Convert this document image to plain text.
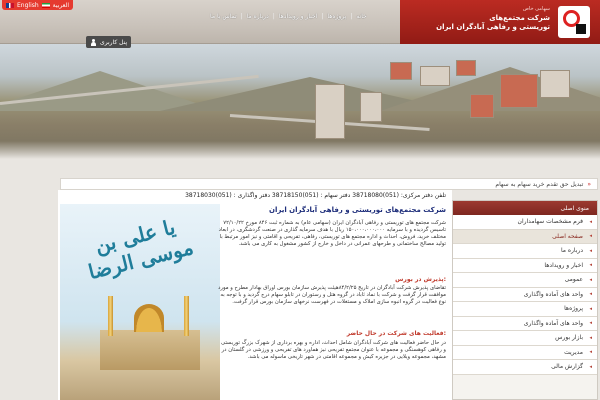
English العربية
خانه
|
پروژه‌ها
|
اخبار و رویدادها
|
درباره ما
|
تماس با ما
سهامی خاص
شرکت مجتمع‌های
توریستی و رفاهی آبادگران ایران
پنل کاربری
تبدیل حق تقدم خرید سهام به سهام »
تلفن دفتر مرکزی: (051)38718080 دفتر سهام : (051)38718150 دفتر واگذاری : (051)38718030
شرکت مجتمع‌های توریستی و رفاهی آبادگران ایران
یا علی بن موسی الرضا
شرکت مجتمع های توریستی و رفاهی آبادگران ایران (سهامی عام) به شماره ثبت ۸۴۶ مورخ ۷۲/۱۰/۲۲ تاسیس گردیده و با سرمایه ۱۵۰،۰۰۰،۰۰۰،۰۰۰ ریال با هدف سرمایه گذاری در صنعت گردشگری، در ابعاد مختلف خرید، فروش، احداث و اداره مجتمع های توریستی، رفاهی، تفریحی و اقامتی و نیز امور مرتبط با تولید مصالح ساختمانی و طرحهای عمرانی در داخل و خارج از کشور مشغول به کاری می باشد.
پذیرش در بورس:
تقاضای پذیرش شرکت آبادگران در تاریخ ۸۴/۲/۲۵هیئت پذیرش سازمان بورس اوراق بهادار مطرح و مورد موافقت قرار گرفت و شرکت با نماد ثاباد در گروه هتل و رستوران در تابلو سهام درج گردید و با توجه به نوع فعالیت در گروه انبوه سازی املاک و مستغلات در فهرست نرخهای سازمان بورس قرار گرفت.
فعالیت های شرکت در حال حاضر:
در حال حاضر فعالیت های شرکت آبادگران شامل احداث، اداره و بهره برداری از شهرک بزرگ توریستی و رفاهی کوهسنگی و مجموعه با عنوان مجتمع تفریحی نیز هماورد های تفریحی و ورزشی در گلستان در مشهد، مجموعه ویلایی در جزیره کیش و مجموعه اقامتی در شهر تاریخی ماسوله می باشد.
منوی اصلی
فرم مشخصات سهامداران ◂
صفحه اصلی ◂
درباره ما ◂
اخبار و رویدادها ◂
عمومی ◂
واحد های آماده واگذاری ◂
پروژه‌ها ◂
واحد های آماده واگذاری ◂
بازار بورس ◂
مدیریت ◂
گزارش مالی ◂
